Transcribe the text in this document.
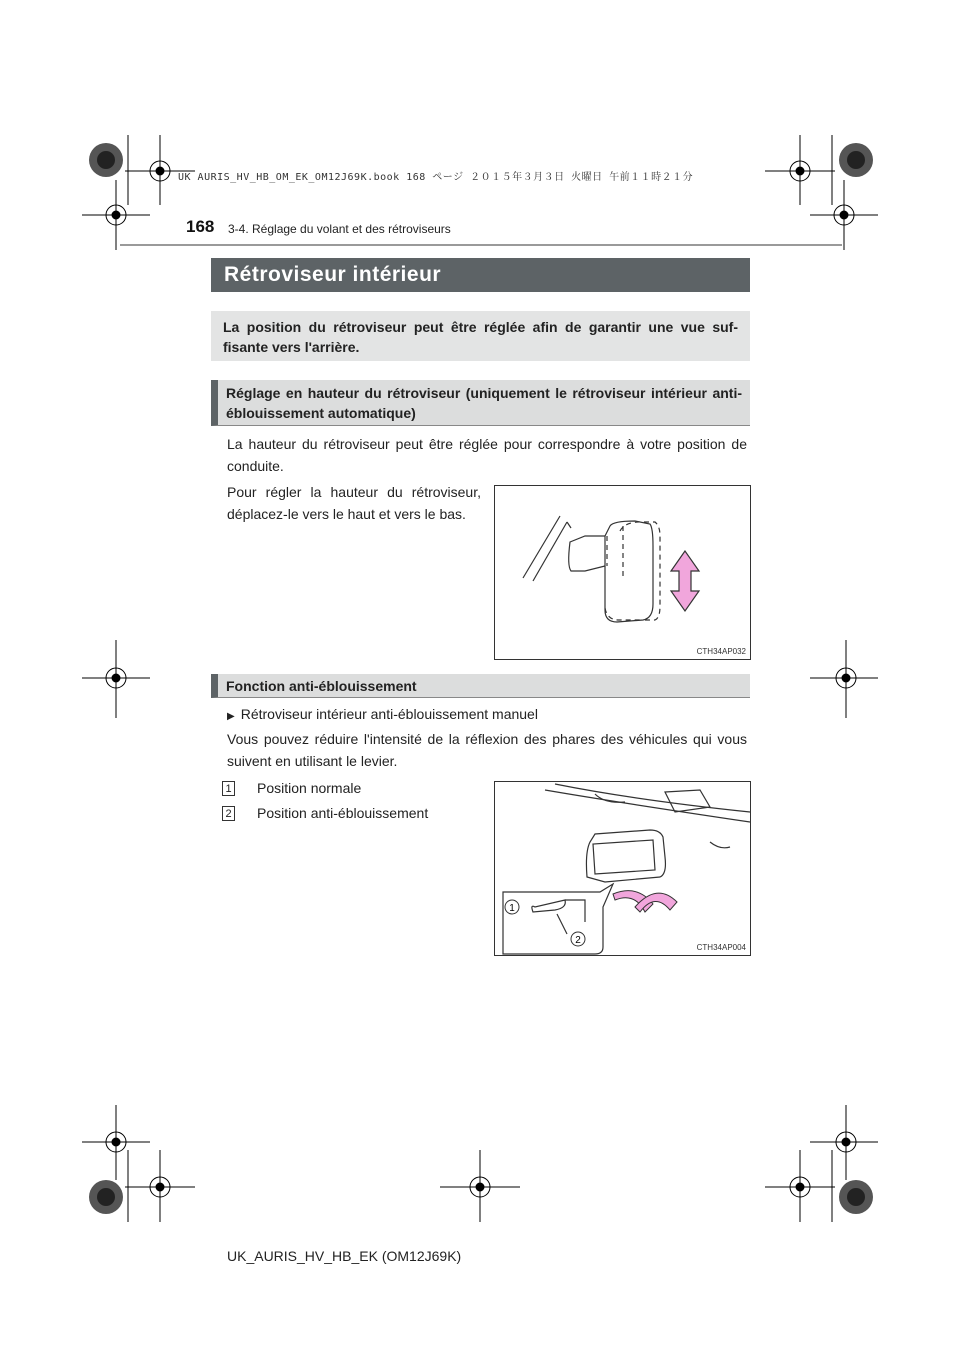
UK AURIS_HV_HB_OM_EK_OM12J69K.book 168 ページ ２０１５年３月３日 火曜日 午前１１時２１分
168 3-4. Réglage du volant et des rétroviseurs
Rétroviseur intérieur
La position du rétroviseur peut être réglée afin de garantir une vue suf-fisante vers l'arrière.
Réglage en hauteur du rétroviseur (uniquement le rétroviseur intérieur anti-éblouissement automatique)
La hauteur du rétroviseur peut être réglée pour correspondre à votre position de conduite.
Pour régler la hauteur du rétroviseur, déplacez-le vers le haut et vers le bas.
CTH34AP032
Fonction anti-éblouissement
▶ Rétroviseur intérieur anti-éblouissement manuel
Vous pouvez réduire l'intensité de la réflexion des phares des véhicules qui vous suivent en utilisant le levier.
1 Position normale
2 Position anti-éblouissement
1
2
CTH34AP004
UK_AURIS_HV_HB_EK (OM12J69K)
